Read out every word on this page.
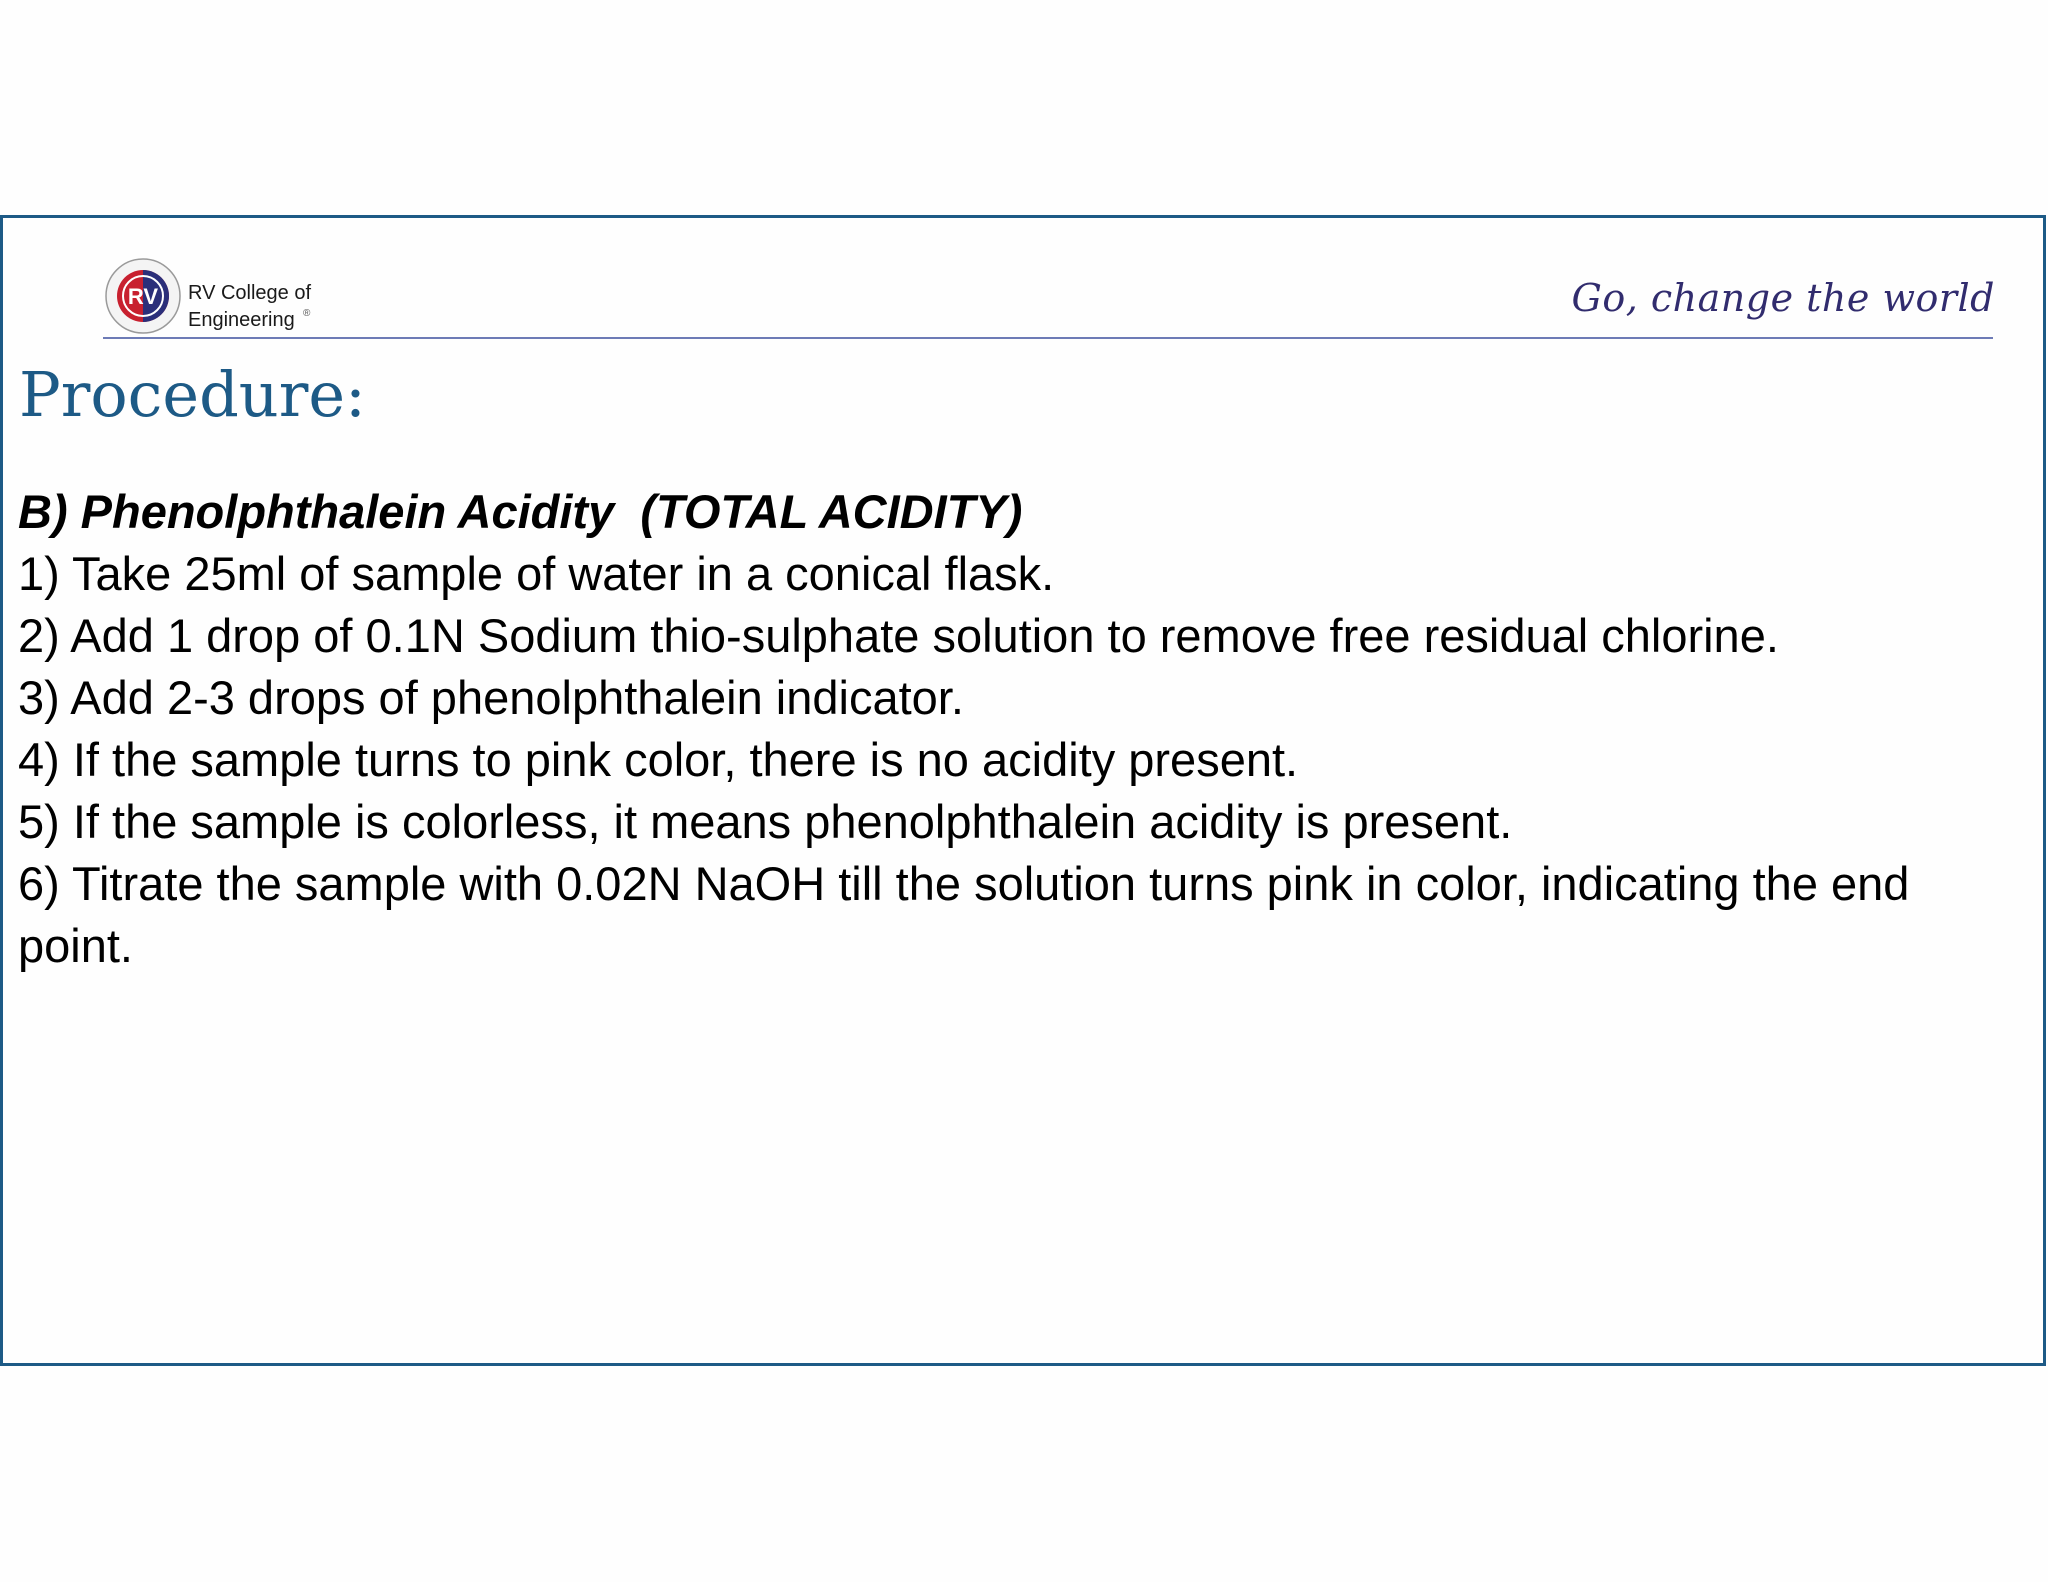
RV RV College of
Engineering ®	Go, change the world
Procedure:
B) Phenolphthalein Acidity  (TOTAL ACIDITY)

1) Take 25ml of sample of water in a conical flask.

2) Add 1 drop of 0.1N Sodium thio-sulphate solution to remove free residual chlorine.

3) Add 2-3 drops of phenolphthalein indicator.

4) If the sample turns to pink color, there is no acidity present.

5) If the sample is colorless, it means phenolphthalein acidity is present.

6) Titrate the sample with 0.02N NaOH till the solution turns pink in color, indicating the end point.
